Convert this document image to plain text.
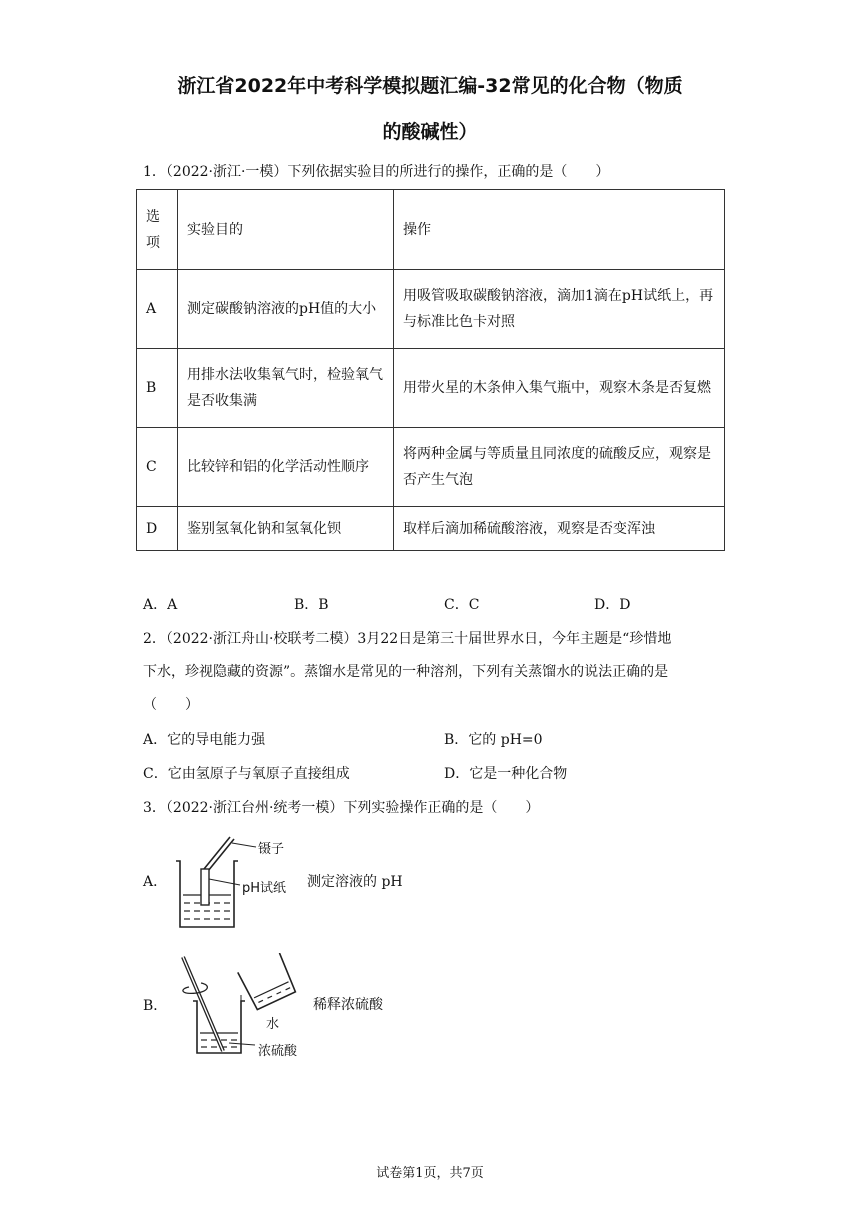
浙江省2022年中考科学模拟题汇编-32常见的化合物（物质
的酸碱性）
1．（2022·浙江·一模）下列依据实验目的所进行的操作，正确的是（　　）
选
项	实验目的	操作
A	测定碳酸钠溶液的pH值的大小	用吸管吸取碳酸钠溶液，滴加1滴在pH试纸上，再与标准比色卡对照
B	用排水法收集氧气时，检验氧气是否收集满	用带火星的木条伸入集气瓶中，观察木条是否复燃
C	比较锌和铝的化学活动性顺序	将两种金属与等质量且同浓度的硫酸反应，观察是否产生气泡
D	鉴别氢氧化钠和氢氧化钡	取样后滴加稀硫酸溶液，观察是否变浑浊
A．A	B．B	C．C	D．D
2．（2022·浙江舟山·校联考二模）3月22日是第三十届世界水日，今年主题是“珍惜地
下水，珍视隐藏的资源”。蒸馏水是常见的一种溶剂，下列有关蒸馏水的说法正确的是
（　　）
A．它的导电能力强	B．它的 pH=0
C．它由氢原子与氧原子直接组成	D．它是一种化合物
3．（2022·浙江台州·统考一模）下列实验操作正确的是（　　）
A．
镊子
pH试纸 测定溶液的 pH
B．
水
浓硫酸
稀释浓硫酸
试卷第1页，共7页
